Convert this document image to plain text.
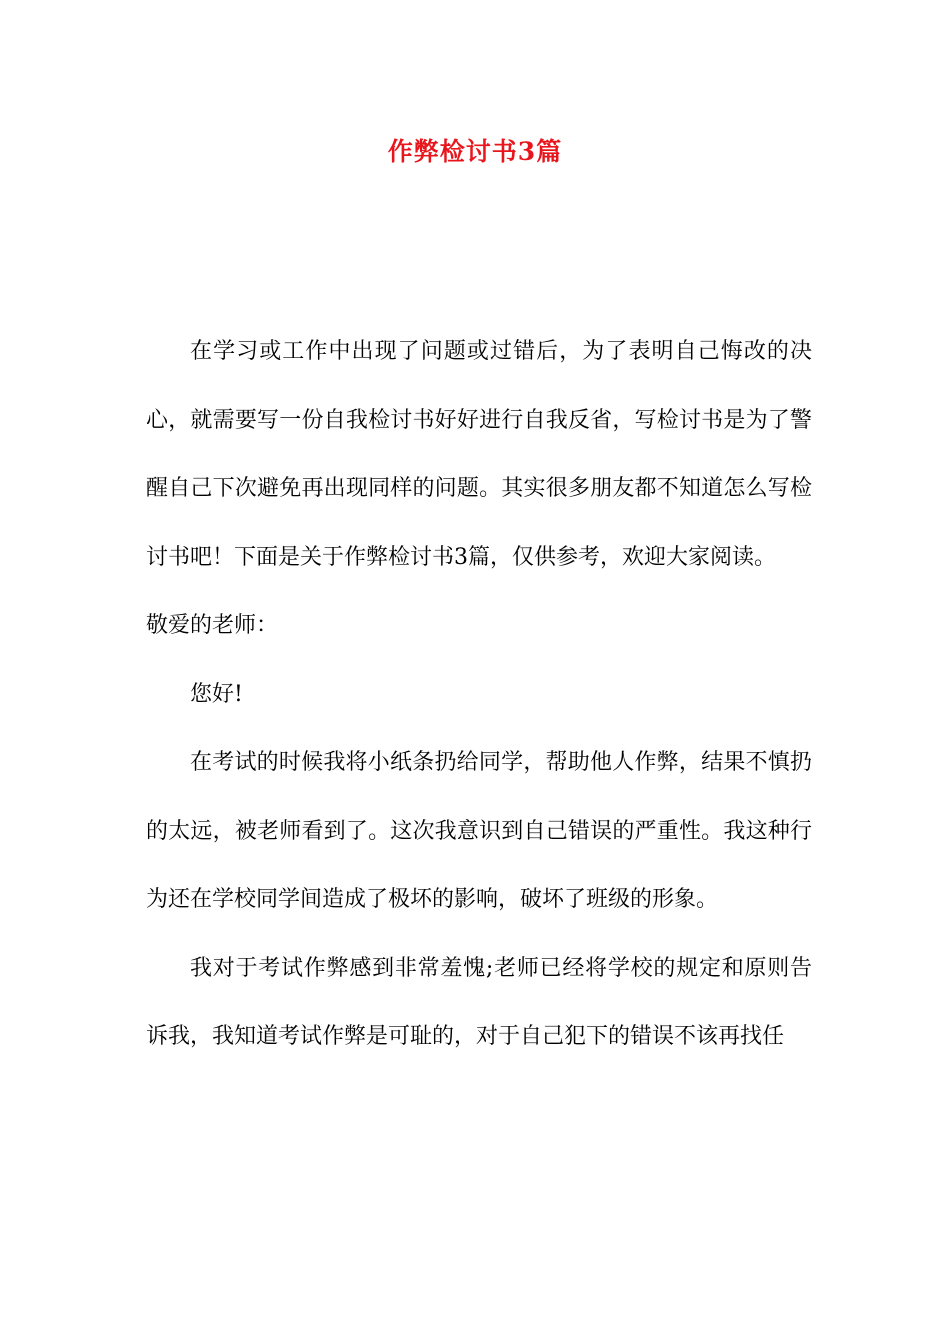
作弊检讨书3篇

在学习或工作中出现了问题或过错后，为了表明自己悔改的决心，就需要写一份自我检讨书好好进行自我反省，写检讨书是为了警醒自己下次避免再出现同样的问题。其实很多朋友都不知道怎么写检讨书吧！下面是关于作弊检讨书3篇，仅供参考，欢迎大家阅读。

敬爱的老师：

您好!

在考试的时候我将小纸条扔给同学，帮助他人作弊，结果不慎扔的太远，被老师看到了。这次我意识到自己错误的严重性。我这种行为还在学校同学间造成了极坏的影响，破坏了班级的形象。

我对于考试作弊感到非常羞愧;老师已经将学校的规定和原则告诉我，我知道考试作弊是可耻的，对于自己犯下的错误不该再找任
